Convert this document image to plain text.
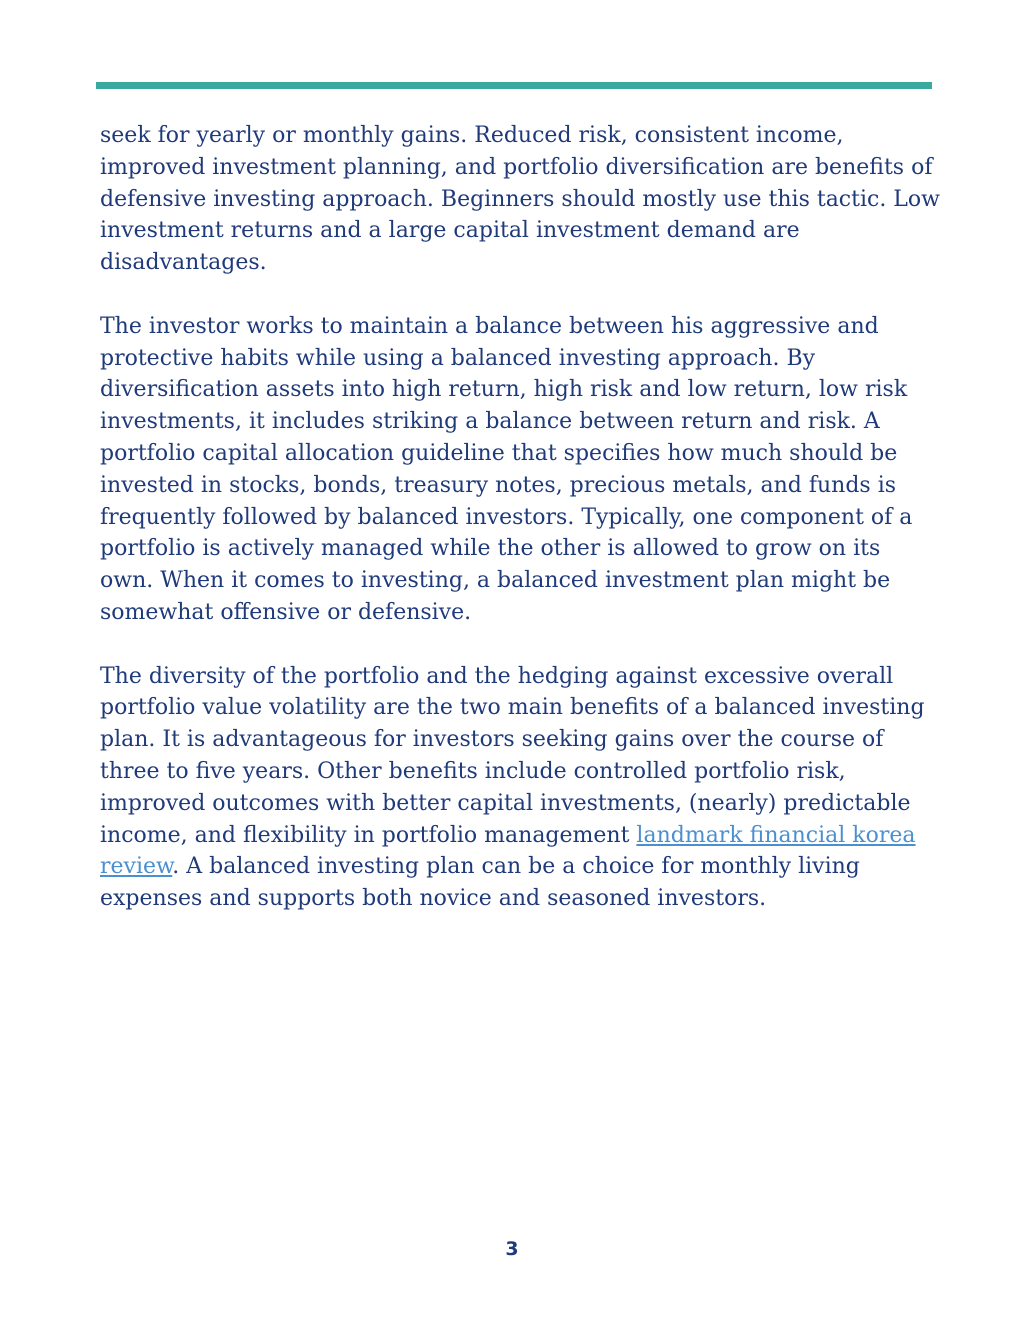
seek for yearly or monthly gains. Reduced risk, consistent income, improved investment planning, and portfolio diversification are benefits of defensive investing approach. Beginners should mostly use this tactic. Low investment returns and a large capital investment demand are disadvantages.

The investor works to maintain a balance between his aggressive and protective habits while using a balanced investing approach. By diversification assets into high return, high risk and low return, low risk investments, it includes striking a balance between return and risk. A portfolio capital allocation guideline that specifies how much should be invested in stocks, bonds, treasury notes, precious metals, and funds is frequently followed by balanced investors. Typically, one component of a portfolio is actively managed while the other is allowed to grow on its own. When it comes to investing, a balanced investment plan might be somewhat offensive or defensive.

The diversity of the portfolio and the hedging against excessive overall portfolio value volatility are the two main benefits of a balanced investing plan. It is advantageous for investors seeking gains over the course of three to five years. Other benefits include controlled portfolio risk, improved outcomes with better capital investments, (nearly) predictable income, and flexibility in portfolio management landmark financial korea review. A balanced investing plan can be a choice for monthly living expenses and supports both novice and seasoned investors.

3
